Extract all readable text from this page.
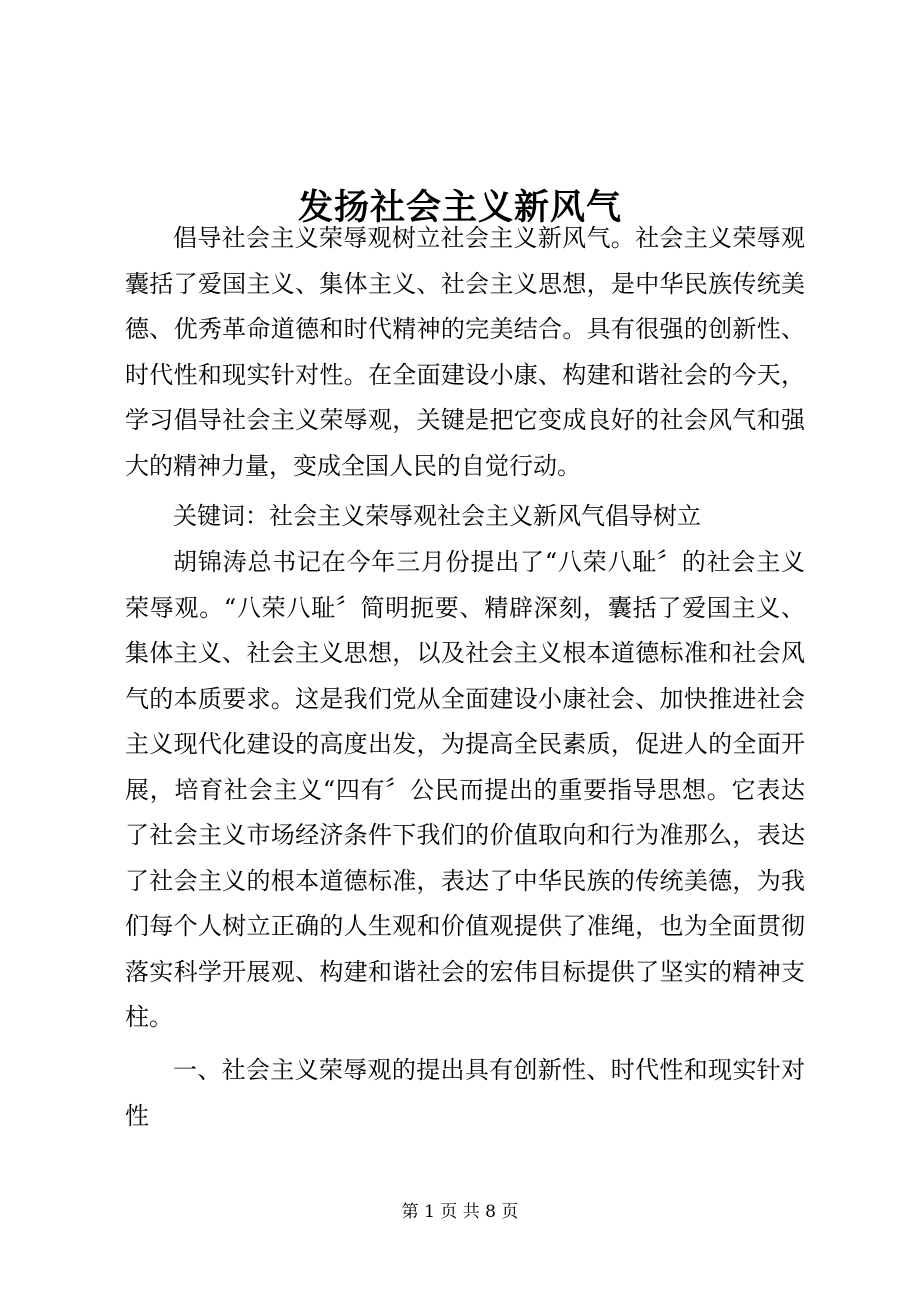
发扬社会主义新风气

倡导社会主义荣辱观树立社会主义新风气。社会主义荣辱观囊括了爱国主义、集体主义、社会主义思想，是中华民族传统美德、优秀革命道德和时代精神的完美结合。具有很强的创新性、时代性和现实针对性。在全面建设小康、构建和谐社会的今天，学习倡导社会主义荣辱观，关键是把它变成良好的社会风气和强大的精神力量，变成全国人民的自觉行动。

关键词：社会主义荣辱观社会主义新风气倡导树立

胡锦涛总书记在今年三月份提出了“八荣八耻〞的社会主义荣辱观。“八荣八耻〞简明扼要、精辟深刻，囊括了爱国主义、集体主义、社会主义思想，以及社会主义根本道德标准和社会风气的本质要求。这是我们党从全面建设小康社会、加快推进社会主义现代化建设的高度出发，为提高全民素质，促进人的全面开展，培育社会主义“四有〞公民而提出的重要指导思想。它表达了社会主义市场经济条件下我们的价值取向和行为准那么，表达了社会主义的根本道德标准，表达了中华民族的传统美德，为我们每个人树立正确的人生观和价值观提供了准绳，也为全面贯彻落实科学开展观、构建和谐社会的宏伟目标提供了坚实的精神支柱。

一、社会主义荣辱观的提出具有创新性、时代性和现实针对性

第 1 页 共 8 页
